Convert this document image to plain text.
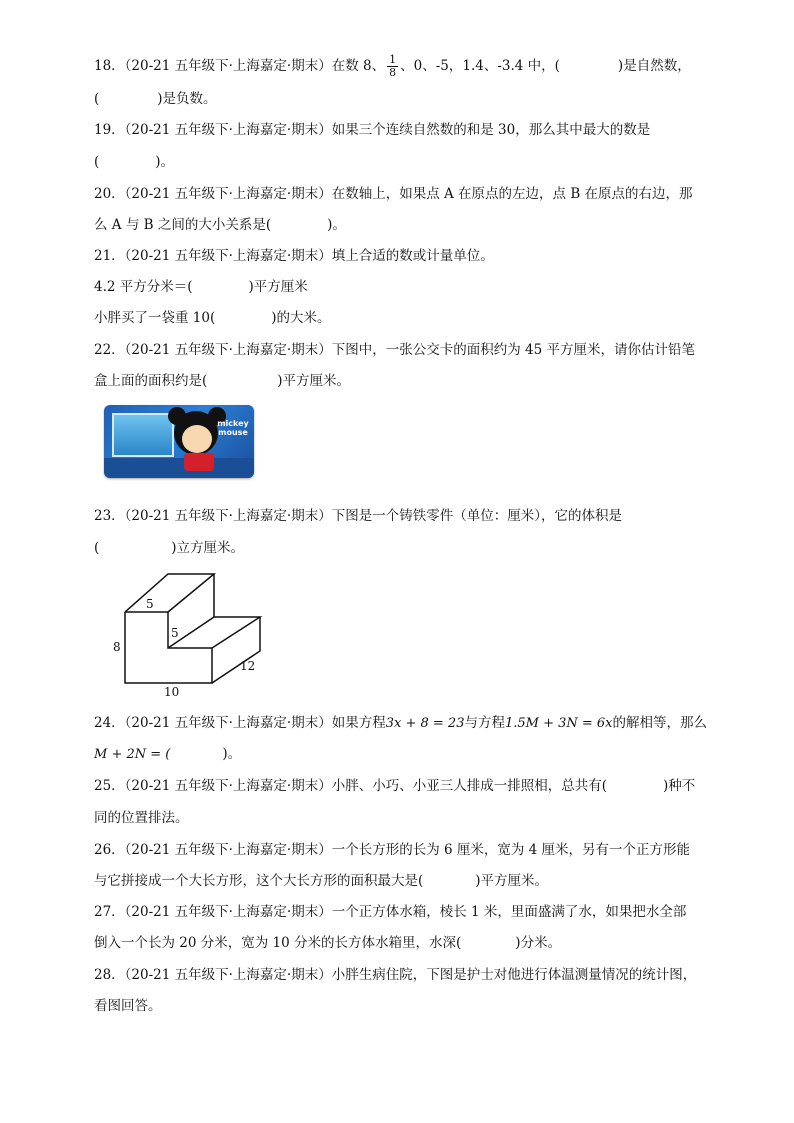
18．（20-21 五年级下·上海嘉定·期末）在数 8、 $\frac{1}{8}$ 、0、-5，1.4、-3.4 中，(	)是自然数，
(	)是负数。
19．（20-21 五年级下·上海嘉定·期末）如果三个连续自然数的和是 30，那么其中最大的数是
(	)。
20．（20-21 五年级下·上海嘉定·期末）在数轴上，如果点 A 在原点的左边，点 B 在原点的右边，那
么 A 与 B 之间的大小关系是(	)。
21．（20-21 五年级下·上海嘉定·期末）填上合适的数或计量单位。
4.2 平方分米＝(	)平方厘米
小胖买了一袋重 10(	)的大米。
22．（20-21 五年级下·上海嘉定·期末）下图中，一张公交卡的面积约为 45 平方厘米，请你估计铅笔
盒上面的面积约是(	)平方厘米。
mickey
mouse
23．（20-21 五年级下·上海嘉定·期末）下图是一个铸铁零件（单位：厘米），它的体积是
(	)立方厘米。
5
5
8
10
12
24．（20-21 五年级下·上海嘉定·期末）如果方程3x + 8 = 23与方程1.5M + 3N = 6x的解相等，那么
M + 2N = (	)。
25．（20-21 五年级下·上海嘉定·期末）小胖、小巧、小亚三人排成一排照相，总共有(	)种不
同的位置排法。
26．（20-21 五年级下·上海嘉定·期末）一个长方形的长为 6 厘米，宽为 4 厘米，另有一个正方形能
与它拼接成一个大长方形，这个大长方形的面积最大是(	)平方厘米。
27．（20-21 五年级下·上海嘉定·期末）一个正方体水箱，棱长 1 米，里面盛满了水，如果把水全部
倒入一个长为 20 分米，宽为 10 分米的长方体水箱里，水深(	)分米。
28．（20-21 五年级下·上海嘉定·期末）小胖生病住院，下图是护士对他进行体温测量情况的统计图，
看图回答。
